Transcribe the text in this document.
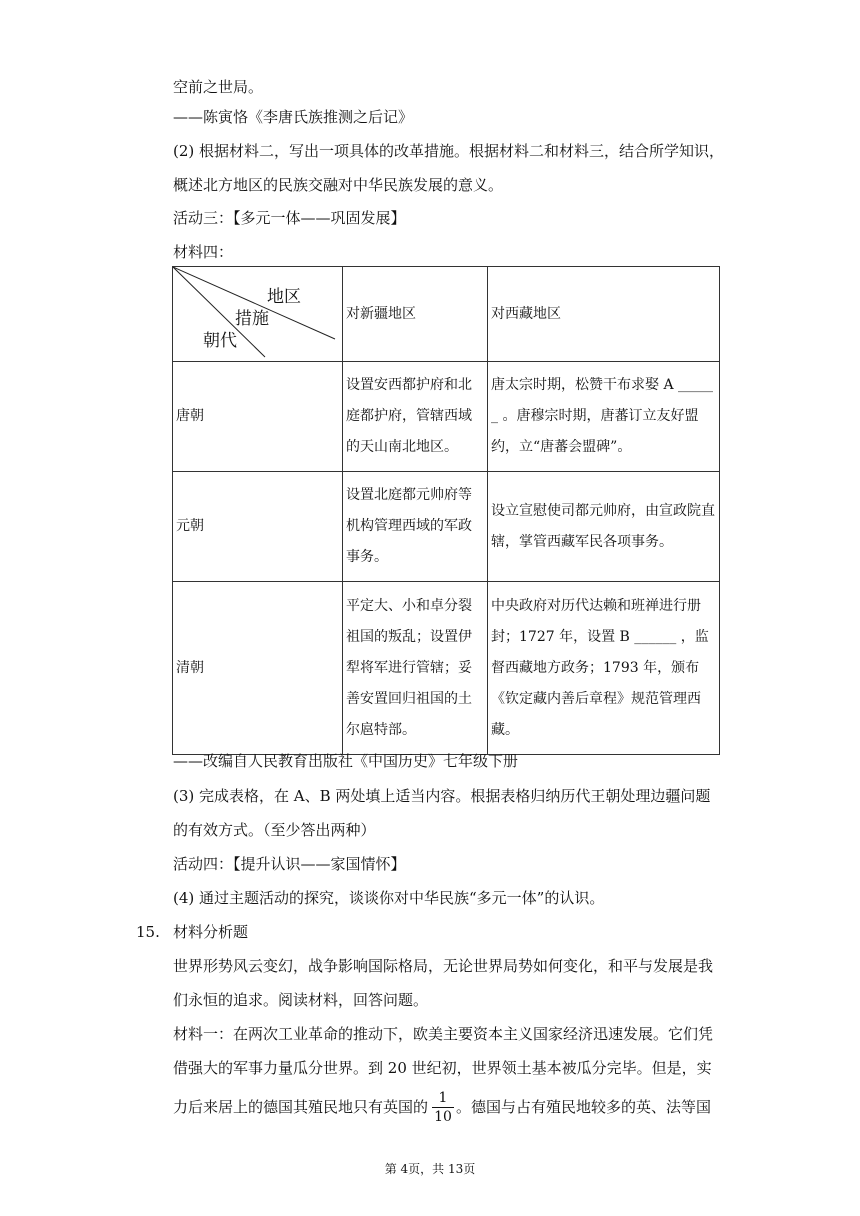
空前之世局。
——陈寅恪《李唐氏族推测之后记》
(2) 根据材料二，写出一项具体的改革措施。根据材料二和材料三，结合所学知识，
概述北方地区的民族交融对中华民族发展的意义。
活动三：【多元一体——巩固发展】
材料四：
地区
措施
朝代	对新疆地区	对西藏地区
唐朝	设置安西都护府和北庭都护府，管辖西域的天山南北地区。	唐太宗时期，松赞干布求娶 A ______ 。唐穆宗时期，唐蕃订立友好盟约，立“唐蕃会盟碑”。
元朝	设置北庭都元帅府等机构管理西域的军政事务。	设立宣慰使司都元帅府，由宣政院直辖，掌管西藏军民各项事务。
清朝	平定大、小和卓分裂祖国的叛乱；设置伊犁将军进行管辖；妥善安置回归祖国的土尔扈特部。	中央政府对历代达赖和班禅进行册封；1727 年，设置 B ______ ，监督西藏地方政务；1793 年，颁布《钦定藏内善后章程》规范管理西藏。
——改编自人民教育出版社《中国历史》七年级下册
(3) 完成表格，在 A、B 两处填上适当内容。根据表格归纳历代王朝处理边疆问题
的有效方式。（至少答出两种）
活动四：【提升认识——家国情怀】
(4) 通过主题活动的探究，谈谈你对中华民族“多元一体”的认识。
15. 材料分析题
世界形势风云变幻，战争影响国际格局，无论世界局势如何变化，和平与发展是我
们永恒的追求。阅读材料，回答问题。
材料一：在两次工业革命的推动下，欧美主要资本主义国家经济迅速发展。它们凭
借强大的军事力量瓜分世界。到 20 世纪初，世界领土基本被瓜分完毕。但是，实
力后来居上的德国其殖民地只有英国的 1
10
。德国与占有殖民地较多的英、法等国
第 4页，共 13页
